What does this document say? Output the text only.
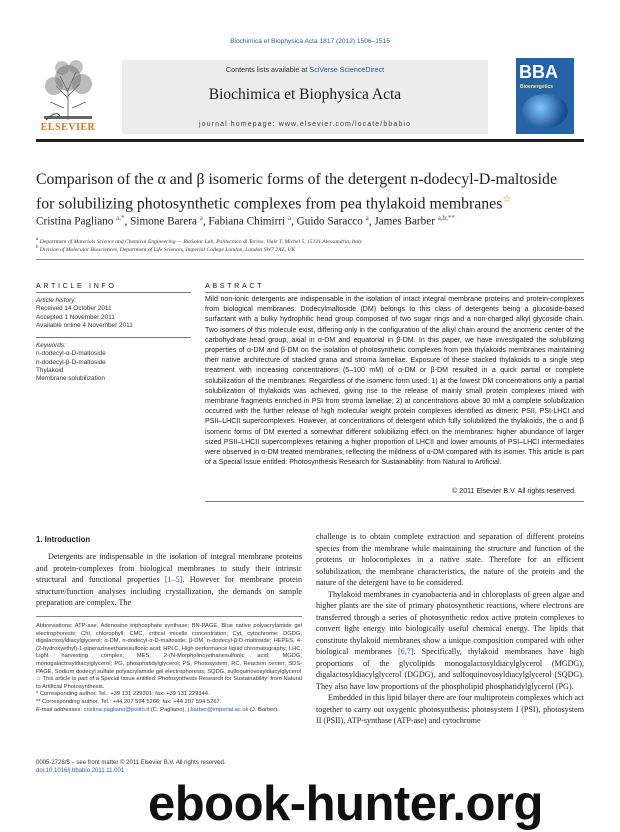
Biochimica et Biophysica Acta 1817 (2012) 1506–1515
ELSEVIER
Contents lists available at SciVerse ScienceDirect
Biochimica et Biophysica Acta
journal homepage: www.elsevier.com/locate/bbabio
BBA
Bioenergetics
Comparison of the α and β isomeric forms of the detergent n-dodecyl-D-maltoside
for solubilizing photosynthetic complexes from pea thylakoid membranes☆
Cristina Pagliano $^{a,*}$, Simone Barera $^a$, Fabiana Chimirri $^a$, Guido Saracco $^a$, James Barber $^{a,b,**}$
$^a$ Department of Materials Science and Chemical Engineering — BioSolar Lab, Politecnico di Torino, Viale T. Michel 5, 15121 Alessandria, Italy
$^b$ Division of Molecular Biosciences, Department of Life Sciences, Imperial College London, London SW7 2AZ, UK
ARTICLE INFO
Article history:
Received 14 October 2011
Accepted 1 November 2011
Available online 4 November 2011
Keywords:
n-dodecyl-α-D-maltoside
n-dodecyl-β-D-maltoside
Thylakoid
Membrane solubilization
ABSTRACT
Mild non-ionic detergents are indispensable in the isolation of intact integral membrane proteins and protein-complexes from biological membranes. Dodecylmaltoside (DM) belongs to this class of detergents being a glucoside-based surfactant with a bulky hydrophilic head group composed of two sugar rings and a non-charged alkyl glycoside chain. Two isomers of this molecule exist, differing only in the configuration of the alkyl chain around the anomeric center of the carbohydrate head group, axial in α-DM and equatorial in β-DM. In this paper, we have investigated the solubilizing properties of α-DM and β-DM on the isolation of photosynthetic complexes from pea thylakoids membranes maintaining their native architecture of stacked grana and stroma lamellae. Exposure of these stacked thylakoids to a single step treatment with increasing concentrations (5–100 mM) of α-DM or β-DM resulted in a quick partial or complete solubilization of the membranes. Regardless of the isomeric form used: 1) at the lowest DM concentrations only a partial solubilization of thylakoids was achieved, giving rise to the release of mainly small protein complexes mixed with membrane fragments enriched in PSI from stroma lamellae; 2) at concentrations above 30 mM a complete solubilization occurred with the further release of high molecular weight protein complexes identified as dimeric PSII, PSI-LHCI and PSII–LHCII supercomplexes. However, at concentrations of detergent which fully solubilized the thylakoids, the α and β isomeric forms of DM exerted a somewhat different solubilizing effect on the membranes: higher abundance of larger sized PSII–LHCII supercomplexes retaining a higher proportion of LHCII and lower amounts of PSI–LHCI intermediates were observed in α-DM treated membranes, reflecting the mildness of α-DM compared with its isomer. This article is part of a Special Issue entitled: Photosynthesis Research for Sustainability: from Natural to Artificial.
© 2011 Elsevier B.V. All rights reserved.
1. Introduction

Detergents are indispensable in the isolation of integral membrane proteins and protein-complexes from biological membranes to study their intrinsic structural and functional properties [1–5]. However for membrane protein structure/function analyses including crystallization, the demands on sample preparation are complex. The

challenge is to obtain complete extraction and separation of different proteins species from the membrane while maintaining the structure and function of the proteins or holocomplexes in a native state. Therefore for an efficient solubilization, the membrane characteristics, the nature of the protein and the nature of the detergent have to be considered.

Thylakoid membranes in cyanobacteria and in chloroplasts of green algae and higher plants are the site of primary photosynthetic reactions, where electrons are transferred through a series of photosynthetic redox active protein complexes to convert light energy into biologically useful chemical energy. The lipids that constitute thylakoid membranes show a unique composition compared with other biological membranes [6,7]. Specifically, thylakoid membranes have high proportions of the glycolipids monogalactosyldiacylglycerol (MGDG), digalactosyldiacylglycerol (DGDG), and sulfoquinovosyldiacylglycerol (SQDG). They also have low proportions of the phospholipid phosphatidylglycerol (PG).

Embedded in this lipid bilayer there are four multiprotein complexes which act together to carry out oxygenic photosynthesis: photosystem I (PSI), photosystem II (PSII), ATP-synthase (ATP-ase) and cytochrome

Abbreviations: ATP-ase, Adenosine triphosphate synthase; BN-PAGE, Blue native polyacrylamide gel electrophoresis; Chl, chlorophyll; CMC, critical micelle concentration; Cyt, cytochrome; DGDG, digalactosyldiacylglycerol; α-DM, n-dodecyl-α-D-maltoside; β-DM, n-dodecyl-β-D-maltoside; HEPES, 4-(2-hydroxyethyl)-1-piperazineethanesulfonic acid; HPLC, High performance liquid chromatography; LHC, Light harvesting complex; MES, 2-(N-Morpholino)ethanesulfonic acid; MGDG, monogalactosyldiacylglycerol; PG, phosphatidylglycerol; PS, Photosystem; RC, Reaction center; SDS-PAGE, Sodium dodecyl sulfate polyacrylamide gel electrophoresis; SQDG, sulfoquinovosyldiacylglycerol

☆ This article is part of a Special Issue entitled: Photosynthesis Research for Sustainability: from Natural to Artificial Photosynthesis.

* Corresponding author. Tel.: +39 131 229301; fax: +39 131 229344.

** Corresponding author. Tel.: +44 207 594 5266; fax: +44 207 594 5267.

E-mail addresses: cristina.pagliano@polito.it (C. Pagliano), j.barber@imperial.ac.uk (J. Barber).

0005-2728/$ – see front matter © 2011 Elsevier B.V. All rights reserved.
doi:10.1016/j.bbabio.2011.11.001
ebook-hunter.org
